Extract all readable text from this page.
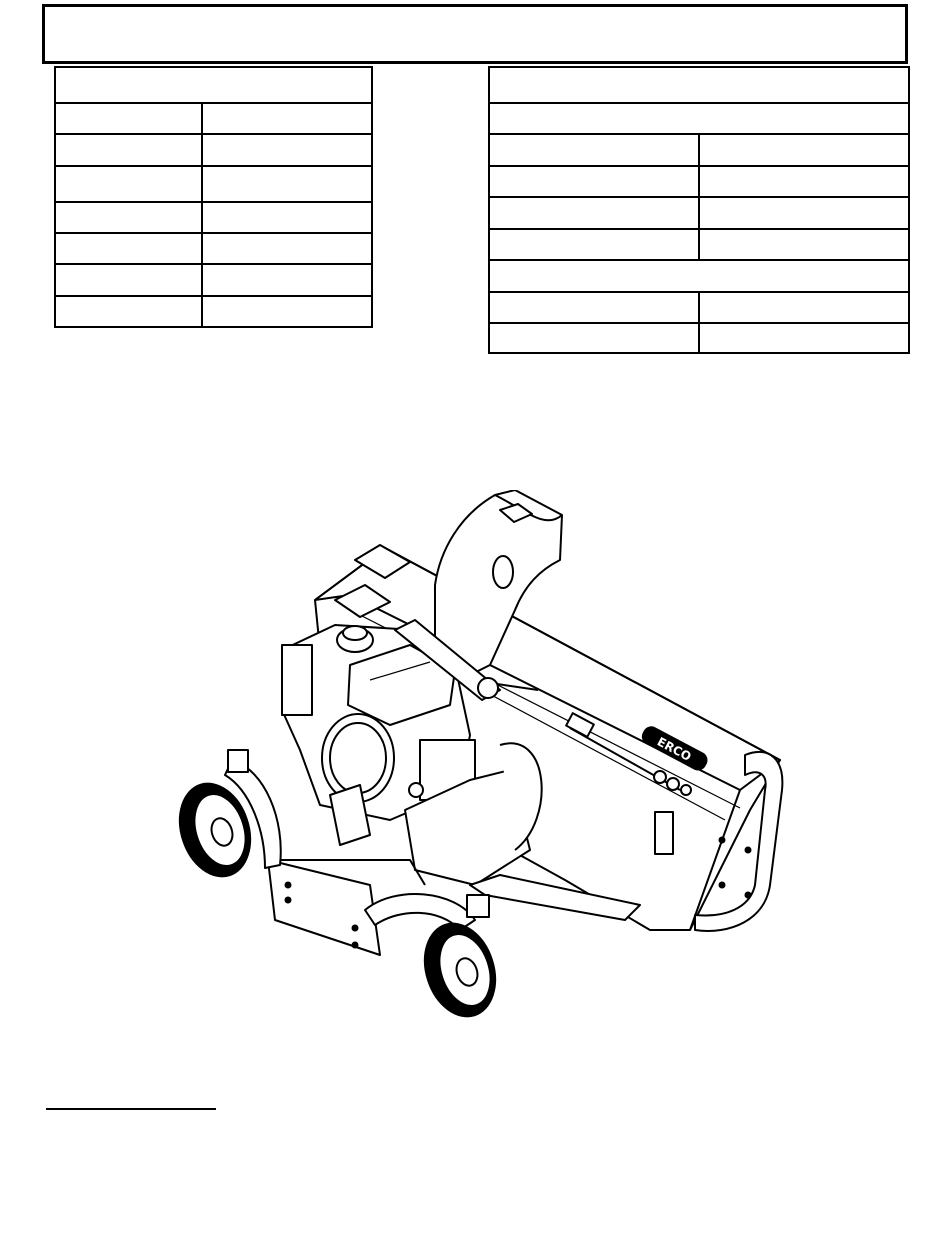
ERCO
